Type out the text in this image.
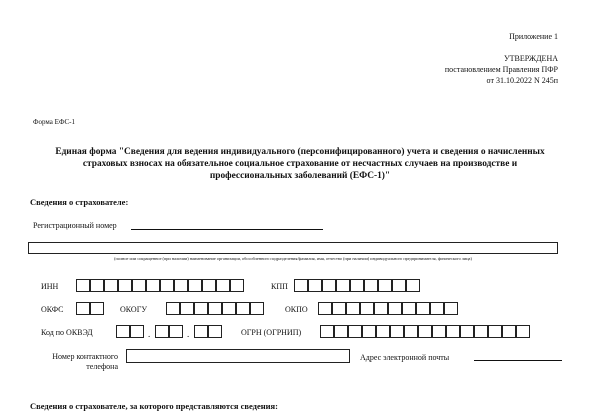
Приложение 1
УТВЕРЖДЕНА
постановлением Правления ПФР
от 31.10.2022 N 245п
Форма ЕФС-1
Единая форма "Сведения для ведения индивидуального (персонифицированного) учета и сведения о начисленных
страховых взносах на обязательное социальное страхование от несчастных случаев на производстве и
профессиональных заболеваний (ЕФС-1)"
Сведения о страхователе:
Регистрационный номер
(полное или сокращенное (при наличии) наименование организации, обособленного подразделения/фамилия, имя, отчество (при наличии) индивидуального предпринимателя, физического лица)
ИНН	КПП
ОКФС	ОКОГУ	ОКПО
Код по ОКВЭД	.	.	ОГРН (ОГРНИП)
Номер контактного
телефона
Адрес электронной почты
Сведения о страхователе, за которого представляются сведения:
